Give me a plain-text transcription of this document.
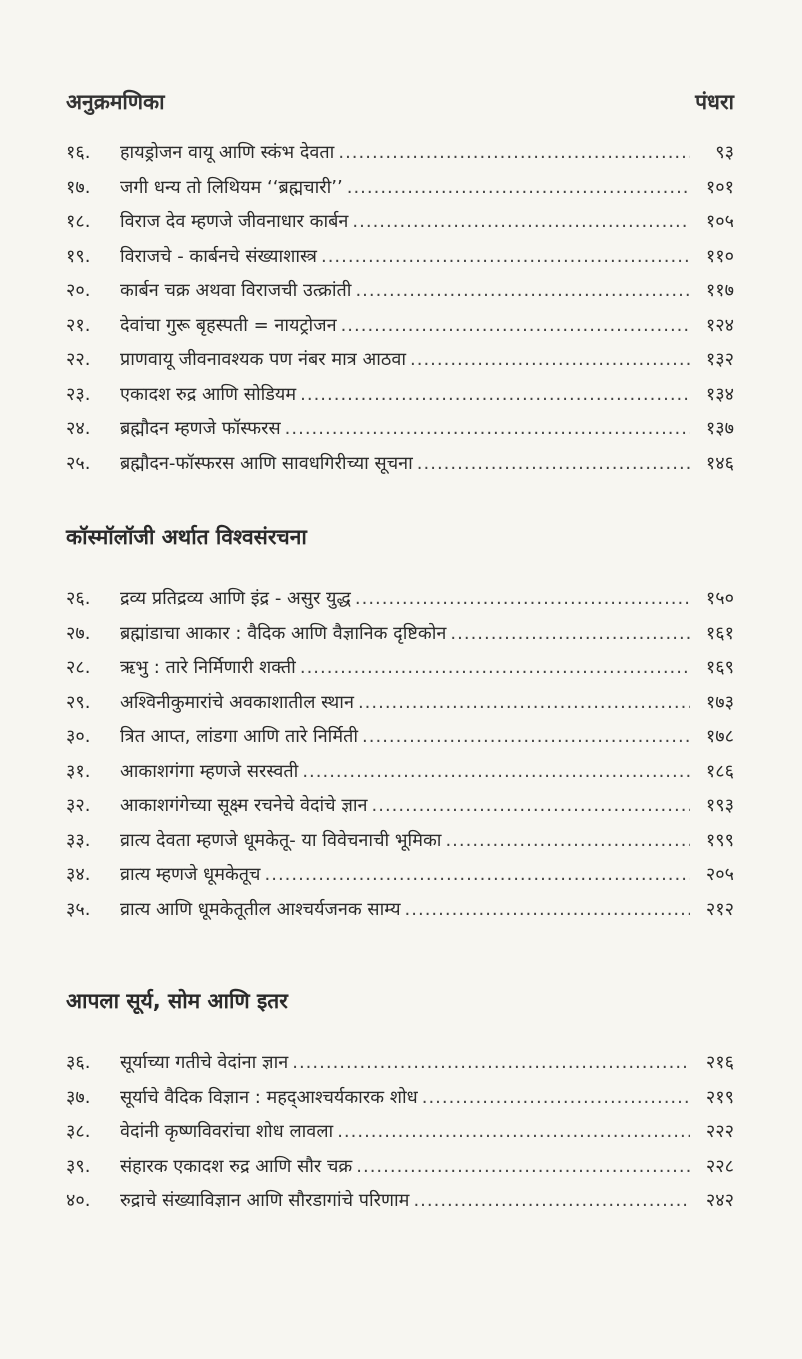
अनुक्रमणिका	पंधरा
१६.	हायड्रोजन वायू आणि स्कंभ देवता .....	९३
१७.	जगी धन्य तो लिथियम ‘‘ब्रह्मचारी’’ .....	१०१
१८.	विराज देव म्हणजे जीवनाधार कार्बन .....	१०५
१९.	विराजचे - कार्बनचे संख्याशास्त्र .....	११०
२०.	कार्बन चक्र अथवा विराजची उत्क्रांती .....	११७
२१.	देवांचा गुरू बृहस्पती = नायट्रोजन .....	१२४
२२.	प्राणवायू जीवनावश्यक पण नंबर मात्र आठवा .....	१३२
२३.	एकादश रुद्र आणि सोडियम .....	१३४
२४.	ब्रह्मौदन म्हणजे फॉस्फरस .....	१३७
२५.	ब्रह्मौदन-फॉस्फरस आणि सावधगिरीच्या सूचना .....	१४६
कॉस्मॉलॉजी अर्थात विश्वसंरचना
२६.	द्रव्य प्रतिद्रव्य आणि इंद्र - असुर युद्ध .....	१५०
२७.	ब्रह्मांडाचा आकार : वैदिक आणि वैज्ञानिक दृष्टिकोन .....	१६१
२८.	ऋभु : तारे निर्मिणारी शक्ती .....	१६९
२९.	अश्विनीकुमारांचे अवकाशातील स्थान .....	१७३
३०.	त्रित आप्त, लांडगा आणि तारे निर्मिती .....	१७८
३१.	आकाशगंगा म्हणजे सरस्वती .....	१८६
३२.	आकाशगंगेच्या सूक्ष्म रचनेचे वेदांचे ज्ञान .....	१९३
३३.	व्रात्य देवता म्हणजे धूमकेतू- या विवेचनाची भूमिका .....	१९९
३४.	व्रात्य म्हणजे धूमकेतूच .....	२०५
३५.	व्रात्य आणि धूमकेतूतील आश्चर्यजनक साम्य .....	२१२
आपला सूर्य, सोम आणि इतर
३६.	सूर्याच्या गतीचे वेदांना ज्ञान .....	२१६
३७.	सूर्याचे वैदिक विज्ञान : महद्आश्चर्यकारक शोध .....	२१९
३८.	वेदांनी कृष्णविवरांचा शोध लावला .....	२२२
३९.	संहारक एकादश रुद्र आणि सौर चक्र .....	२२८
४०.	रुद्राचे संख्याविज्ञान आणि सौरडागांचे परिणाम .....	२४२
